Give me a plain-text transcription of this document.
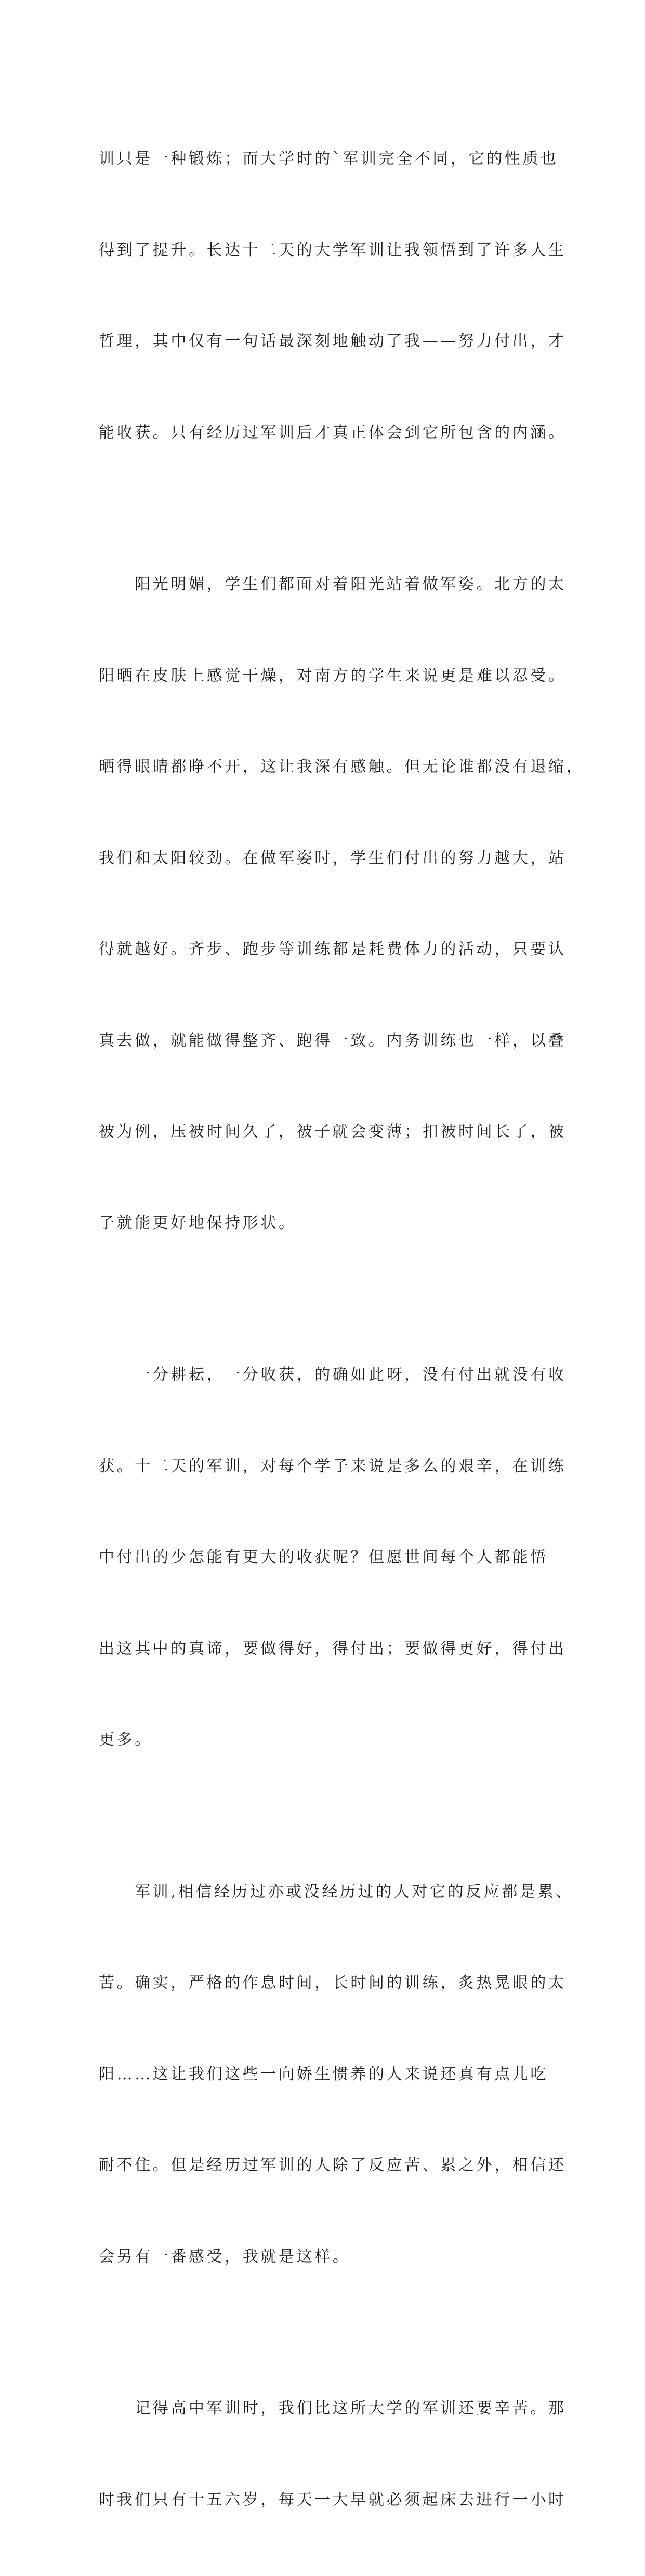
训只是一种锻炼；而大学时的`军训完全不同，它的性质也

得到了提升。长达十二天的大学军训让我领悟到了许多人生

哲理，其中仅有一句话最深刻地触动了我——努力付出，才

能收获。只有经历过军训后才真正体会到它所包含的内涵。

　　阳光明媚，学生们都面对着阳光站着做军姿。北方的太

阳晒在皮肤上感觉干燥，对南方的学生来说更是难以忍受。

晒得眼睛都睁不开，这让我深有感触。但无论谁都没有退缩，

我们和太阳较劲。在做军姿时，学生们付出的努力越大，站

得就越好。齐步、跑步等训练都是耗费体力的活动，只要认

真去做，就能做得整齐、跑得一致。内务训练也一样，以叠

被为例，压被时间久了，被子就会变薄；扣被时间长了，被

子就能更好地保持形状。

　　一分耕耘，一分收获，的确如此呀，没有付出就没有收

获。十二天的军训，对每个学子来说是多么的艰辛，在训练

中付出的少怎能有更大的收获呢？但愿世间每个人都能悟

出这其中的真谛，要做得好，得付出；要做得更好，得付出

更多。

　　军训,相信经历过亦或没经历过的人对它的反应都是累、

苦。确实，严格的作息时间，长时间的训练，炙热晃眼的太

阳……这让我们这些一向娇生惯养的人来说还真有点儿吃

耐不住。但是经历过军训的人除了反应苦、累之外，相信还

会另有一番感受，我就是这样。

　　记得高中军训时，我们比这所大学的军训还要辛苦。那

时我们只有十五六岁，每天一大早就必须起床去进行一小时
